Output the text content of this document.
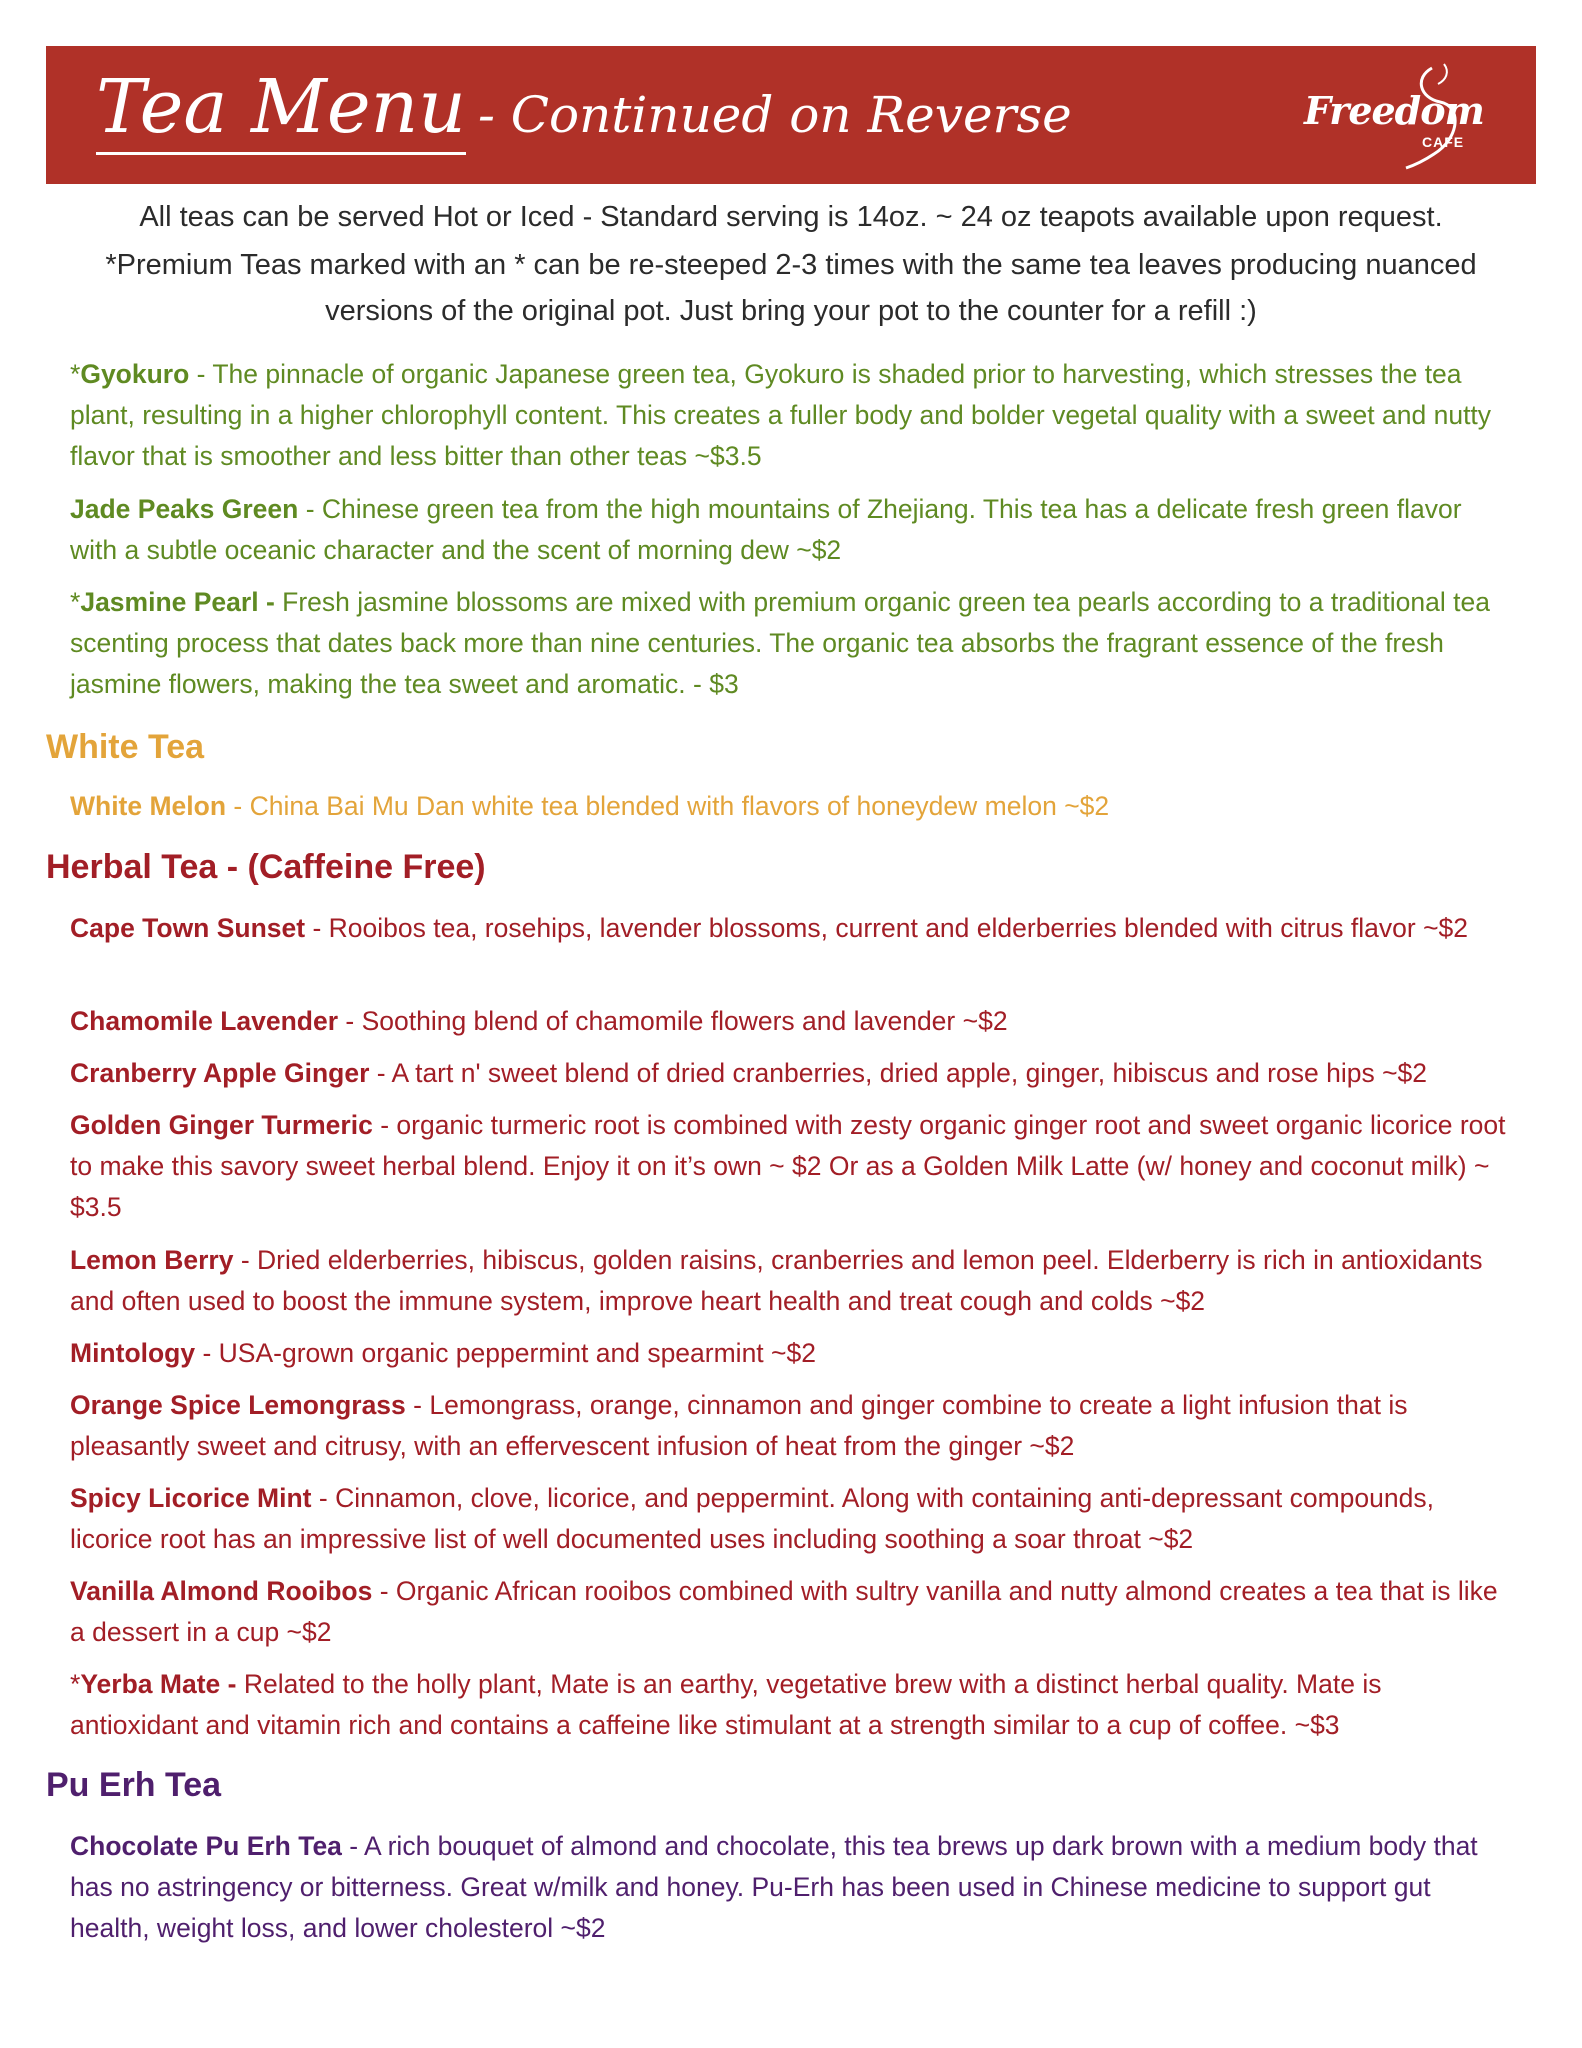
Tea Menu - Continued on Reverse	Freedom
CAFE
All teas can be served Hot or Iced - Standard serving is 14oz. ~ 24 oz teapots available upon request.
*Premium Teas marked with an * can be re-steeped 2-3 times with the same tea leaves producing nuanced versions of the original pot. Just bring your pot to the counter for a refill :)
*Gyokuro - The pinnacle of organic Japanese green tea, Gyokuro is shaded prior to harvesting, which stresses the tea plant, resulting in a higher chlorophyll content. This creates a fuller body and bolder vegetal quality with a sweet and nutty flavor that is smoother and less bitter than other teas ~$3.5
Jade Peaks Green - Chinese green tea from the high mountains of Zhejiang. This tea has a delicate fresh green flavor with a subtle oceanic character and the scent of morning dew ~$2
*Jasmine Pearl - Fresh jasmine blossoms are mixed with premium organic green tea pearls according to a traditional tea scenting process that dates back more than nine centuries. The organic tea absorbs the fragrant essence of the fresh jasmine flowers, making the tea sweet and aromatic. - $3
White Tea
White Melon - China Bai Mu Dan white tea blended with flavors of honeydew melon ~$2
Herbal Tea - (Caffeine Free)
Cape Town Sunset - Rooibos tea, rosehips, lavender blossoms, current and elderberries blended with citrus flavor ~$2
Chamomile Lavender - Soothing blend of chamomile flowers and lavender ~$2
Cranberry Apple Ginger - A tart n' sweet blend of dried cranberries, dried apple, ginger, hibiscus and rose hips ~$2
Golden Ginger Turmeric - organic turmeric root is combined with zesty organic ginger root and sweet organic licorice root to make this savory sweet herbal blend. Enjoy it on it’s own ~ $2 Or as a Golden Milk Latte (w/ honey and coconut milk) ~ $3.5
Lemon Berry - Dried elderberries, hibiscus, golden raisins, cranberries and lemon peel. Elderberry is rich in antioxidants and often used to boost the immune system, improve heart health and treat cough and colds ~$2
Mintology - USA-grown organic peppermint and spearmint ~$2
Orange Spice Lemongrass - Lemongrass, orange, cinnamon and ginger combine to create a light infusion that is pleasantly sweet and citrusy, with an effervescent infusion of heat from the ginger ~$2
Spicy Licorice Mint - Cinnamon, clove, licorice, and peppermint. Along with containing anti-depressant compounds, licorice root has an impressive list of well documented uses including soothing a soar throat ~$2
Vanilla Almond Rooibos - Organic African rooibos combined with sultry vanilla and nutty almond creates a tea that is like a dessert in a cup ~$2
*Yerba Mate - Related to the holly plant, Mate is an earthy, vegetative brew with a distinct herbal quality. Mate is antioxidant and vitamin rich and contains a caffeine like stimulant at a strength similar to a cup of coffee. ~$3
Pu Erh Tea
Chocolate Pu Erh Tea - A rich bouquet of almond and chocolate, this tea brews up dark brown with a medium body that has no astringency or bitterness. Great w/milk and honey. Pu-Erh has been used in Chinese medicine to support gut health, weight loss, and lower cholesterol ~$2
